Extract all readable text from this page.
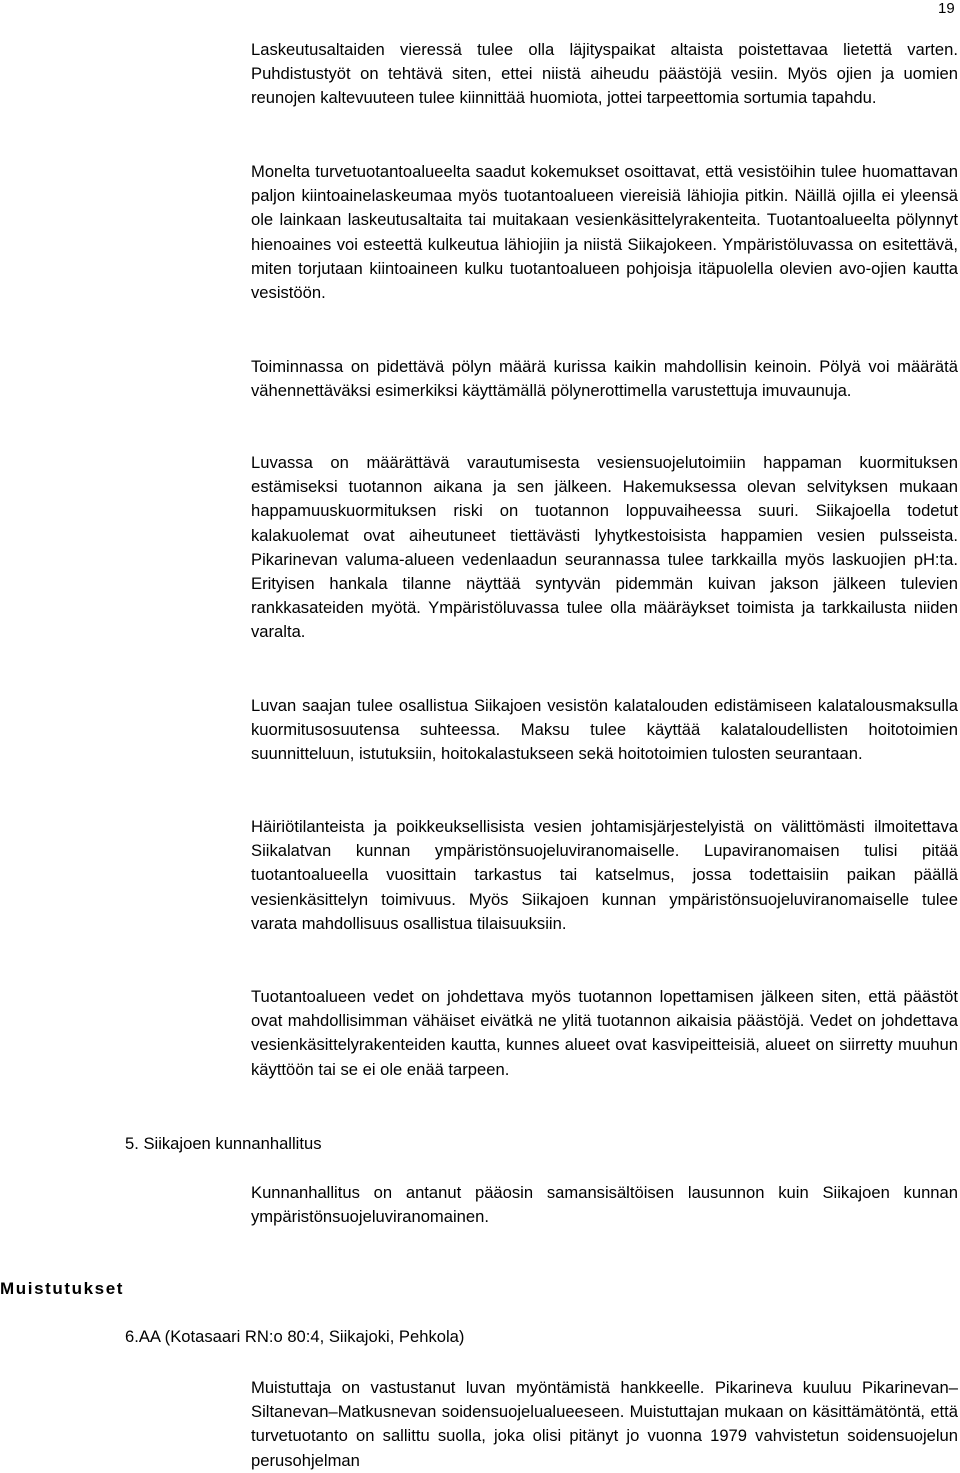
19

Laskeutusaltaiden vieressä tulee olla läjityspaikat altaista poistettavaa lietettä varten. Puhdistustyöt on tehtävä siten, ettei niistä aiheudu päästöjä vesiin. Myös ojien ja uomien reunojen kaltevuuteen tulee kiinnittää huomiota, jottei tarpeettomia sortumia tapahdu.

Monelta turvetuotantoalueelta saadut kokemukset osoittavat, että vesistöihin tulee huomattavan paljon kiintoainelaskeumaa myös tuotantoalueen viereisiä lähiojia pitkin. Näillä ojilla ei yleensä ole lainkaan laskeutusaltaita tai muitakaan vesienkäsittelyrakenteita. Tuotantoalueelta pölynnyt hienoaines voi esteettä kulkeutua lähiojiin ja niistä Siikajokeen. Ympäristöluvassa on esitettävä, miten torjutaan kiintoaineen kulku tuotantoalueen pohjoisja itäpuolella olevien avo-ojien kautta vesistöön.

Toiminnassa on pidettävä pölyn määrä kurissa kaikin mahdollisin keinoin. Pölyä voi määrätä vähennettäväksi esimerkiksi käyttämällä pölynerottimella varustettuja imuvaunuja.

Luvassa on määrättävä varautumisesta vesiensuojelutoimiin happaman kuormituksen estämiseksi tuotannon aikana ja sen jälkeen. Hakemuksessa olevan selvityksen mukaan happamuuskuormituksen riski on tuotannon loppuvaiheessa suuri. Siikajoella todetut kalakuolemat ovat aiheutuneet tiettävästi lyhytkestoisista happamien vesien pulsseista. Pikarinevan valuma-alueen vedenlaadun seurannassa tulee tarkkailla myös laskuojien pH:ta. Erityisen hankala tilanne näyttää syntyvän pidemmän kuivan jakson jälkeen tulevien rankkasateiden myötä. Ympäristöluvassa tulee olla määräykset toimista ja tarkkailusta niiden varalta.

Luvan saajan tulee osallistua Siikajoen vesistön kalatalouden edistämiseen kalatalousmaksulla kuormitusosuutensa suhteessa. Maksu tulee käyttää kalataloudellisten hoitotoimien suunnitteluun, istutuksiin, hoitokalastukseen sekä hoitotoimien tulosten seurantaan.

Häiriötilanteista ja poikkeuksellisista vesien johtamisjärjestelyistä on välittömästi ilmoitettava Siikalatvan kunnan ympäristönsuojeluviranomaiselle. Lupaviranomaisen tulisi pitää tuotantoalueella vuosittain tarkastus tai katselmus, jossa todettaisiin paikan päällä vesienkäsittelyn toimivuus. Myös Siikajoen kunnan ympäristönsuojeluviranomaiselle tulee varata mahdollisuus osallistua tilaisuuksiin.

Tuotantoalueen vedet on johdettava myös tuotannon lopettamisen jälkeen siten, että päästöt ovat mahdollisimman vähäiset eivätkä ne ylitä tuotannon aikaisia päästöjä. Vedet on johdettava vesienkäsittelyrakenteiden kautta, kunnes alueet ovat kasvipeitteisiä, alueet on siirretty muuhun käyttöön tai se ei ole enää tarpeen.

5. Siikajoen kunnanhallitus

Kunnanhallitus on antanut pääosin samansisältöisen lausunnon kuin Siikajoen kunnan ympäristönsuojeluviranomainen.

Muistutukset
6.AA (Kotasaari RN:o 80:4, Siikajoki, Pehkola)

Muistuttaja on vastustanut luvan myöntämistä hankkeelle. Pikarineva kuuluu Pikarinevan–Siltanevan–Matkusnevan soidensuojelualueeseen. Muistuttajan mukaan on käsittämätöntä, että turvetuotanto on sallittu suolla, joka olisi pitänyt jo vuonna 1979 vahvistetun soidensuojelun perusohjelman
